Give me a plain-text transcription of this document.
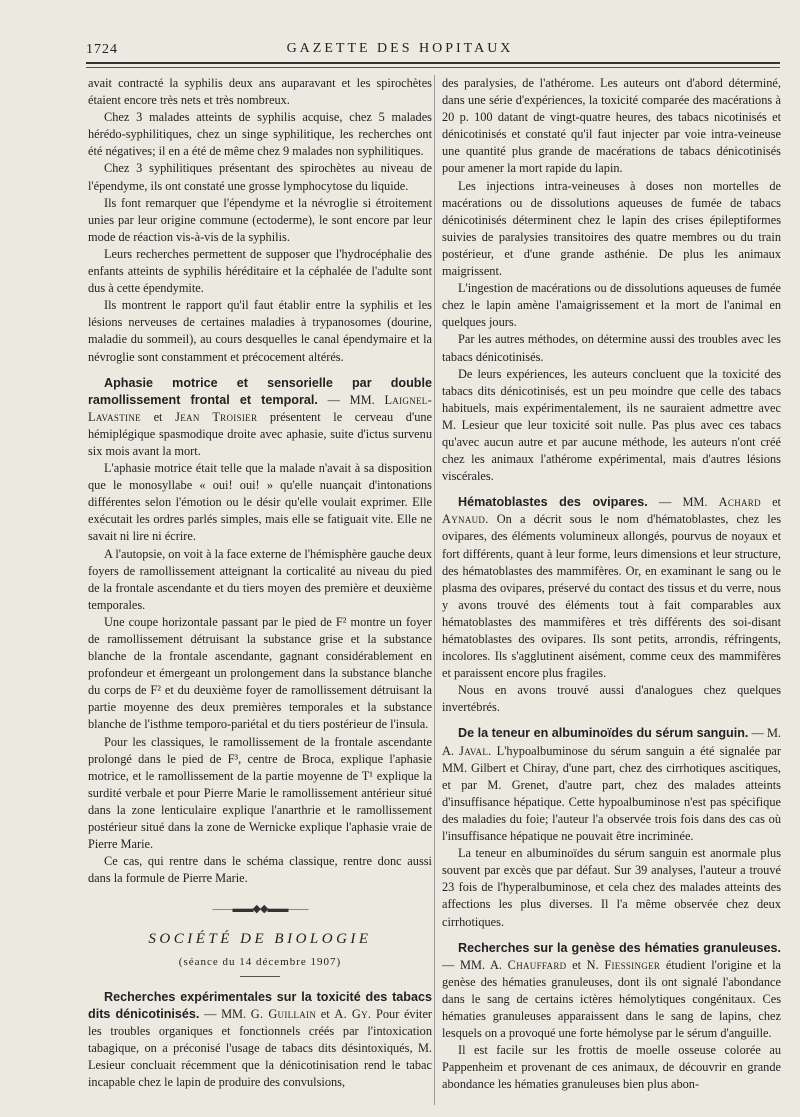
1724	GAZETTE DES HOPITAUX

avait contracté la syphilis deux ans auparavant et les spirochètes étaient encore très nets et très nombreux.

Chez 3 malades atteints de syphilis acquise, chez 5 malades hérédo-syphilitiques, chez un singe syphilitique, les recherches ont été négatives; il en a été de même chez 9 malades non syphilitiques.

Chez 3 syphilitiques présentant des spirochètes au niveau de l'épendyme, ils ont constaté une grosse lymphocytose du liquide.

Ils font remarquer que l'épendyme et la névroglie si étroitement unies par leur origine commune (ectoderme), le sont encore par leur mode de réaction vis-à-vis de la syphilis.

Leurs recherches permettent de supposer que l'hydrocéphalie des enfants atteints de syphilis héréditaire et la céphalée de l'adulte sont dus à cette épendymite.

Ils montrent le rapport qu'il faut établir entre la syphilis et les lésions nerveuses de certaines maladies à trypanosomes (dourine, maladie du sommeil), au cours desquelles le canal épendymaire et la névroglie sont constamment et précocement altérés.

Aphasie motrice et sensorielle par double ramollissement frontal et temporal. — MM. Laignel-Lavastine et Jean Troisier présentent le cerveau d'une hémiplégique spasmodique droite avec aphasie, suite d'ictus survenu six mois avant la mort.

L'aphasie motrice était telle que la malade n'avait à sa disposition que le monosyllabe « oui! oui! » qu'elle nuançait d'intonations différentes selon l'émotion ou le désir qu'elle voulait exprimer. Elle exécutait les ordres parlés simples, mais elle se fatiguait vite. Elle ne savait ni lire ni écrire.

A l'autopsie, on voit à la face externe de l'hémisphère gauche deux foyers de ramollissement atteignant la corticalité au niveau du pied de la frontale ascendante et du tiers moyen des première et deuxième temporales.

Une coupe horizontale passant par le pied de F² montre un foyer de ramollissement détruisant la substance grise et la substance blanche de la frontale ascendante, gagnant considérablement en profondeur et émergeant un prolongement dans la substance blanche du corps de F² et du deuxième foyer de ramollissement détruisant la partie moyenne des deux premières temporales et la substance blanche de l'isthme temporo-pariétal et du tiers postérieur de l'insula.

Pour les classiques, le ramollissement de la frontale ascendante prolongé dans le pied de F³, centre de Broca, explique l'aphasie motrice, et le ramollissement de la partie moyenne de T¹ explique la surdité verbale et pour Pierre Marie le ramollissement antérieur situé dans la zone lenticulaire explique l'anarthrie et le ramollissement postérieur situé dans la zone de Wernicke explique l'aphasie vraie de Pierre Marie.

Ce cas, qui rentre dans le schéma classique, rentre donc aussi dans la formule de Pierre Marie.

——▬▬◆◆▬▬——
SOCIÉTÉ DE BIOLOGIE
(séance du 14 décembre 1907)

Recherches expérimentales sur la toxicité des tabacs dits dénicotinisés. — MM. G. Guillain et A. Gy. Pour éviter les troubles organiques et fonctionnels créés par l'intoxication tabagique, on a préconisé l'usage de tabacs dits désintoxiqués, M. Lesieur concluait récemment que la dénicotinisation rend le tabac incapable chez le lapin de produire des convulsions,

des paralysies, de l'athérome. Les auteurs ont d'abord déterminé, dans une série d'expériences, la toxicité comparée des macérations à 20 p. 100 datant de vingt-quatre heures, des tabacs nicotinisés et dénicotinisés et constaté qu'il faut injecter par voie intra-veineuse une quantité plus grande de macérations de tabacs dénicotinisés pour amener la mort rapide du lapin.

Les injections intra-veineuses à doses non mortelles de macérations ou de dissolutions aqueuses de fumée de tabacs dénicotinisés déterminent chez le lapin des crises épileptiformes suivies de paralysies transitoires des quatre membres ou du train postérieur, et d'une grande asthénie. De plus les animaux maigrissent.

L'ingestion de macérations ou de dissolutions aqueuses de fumée chez le lapin amène l'amaigrissement et la mort de l'animal en quelques jours.

Par les autres méthodes, on détermine aussi des troubles avec les tabacs dénicotinisés.

De leurs expériences, les auteurs concluent que la toxicité des tabacs dits dénicotinisés, est un peu moindre que celle des tabacs habituels, mais expérimentalement, ils ne sauraient admettre avec M. Lesieur que leur toxicité soit nulle. Pas plus avec ces tabacs qu'avec aucun autre et par aucune méthode, les auteurs n'ont créé chez les animaux l'athérome expérimental, mais d'autres lésions viscérales.

Hématoblastes des ovipares. — MM. Achard et Aynaud. On a décrit sous le nom d'hématoblastes, chez les ovipares, des éléments volumineux allongés, pourvus de noyaux et fort différents, quant à leur forme, leurs dimensions et leur structure, des hématoblastes des mammifères. Or, en examinant le sang ou le plasma des ovipares, préservé du contact des tissus et du verre, nous y avons trouvé des éléments tout à fait comparables aux hématoblastes des mammifères et très différents des soi-disant hématoblastes des ovipares. Ils sont petits, arrondis, réfringents, incolores. Ils s'agglutinent aisément, comme ceux des mammifères et paraissent encore plus fragiles.

Nous en avons trouvé aussi d'analogues chez quelques invertébrés.

De la teneur en albuminoïdes du sérum sanguin. — M. A. Javal. L'hypoalbuminose du sérum sanguin a été signalée par MM. Gilbert et Chiray, d'une part, chez des cirrhotiques ascitiques, et par M. Grenet, d'autre part, chez des malades atteints d'insuffisance hépatique. Cette hypoalbuminose n'est pas spécifique des maladies du foie; l'auteur l'a observée trois fois dans des cas où l'insuffisance hépatique ne pouvait être incriminée.

La teneur en albuminoïdes du sérum sanguin est anormale plus souvent par excès que par défaut. Sur 39 analyses, l'auteur a trouvé 23 fois de l'hyperalbuminose, et cela chez des malades atteints des affections les plus diverses. Il l'a même observée chez deux cirrhotiques.

Recherches sur la genèse des hématies granuleuses. — MM. A. Chauffard et N. Fiessinger étudient l'origine et la genèse des hématies granuleuses, dont ils ont signalé l'abondance dans le sang de certains ictères hémolytiques congénitaux. Ces hématies granuleuses apparaissent dans le sang de lapins, chez lesquels on a provoqué une forte hémolyse par le sérum d'anguille.

Il est facile sur les frottis de moelle osseuse colorée au Pappenheim et provenant de ces animaux, de découvrir en grande abondance les hématies granuleuses bien plus abon-
